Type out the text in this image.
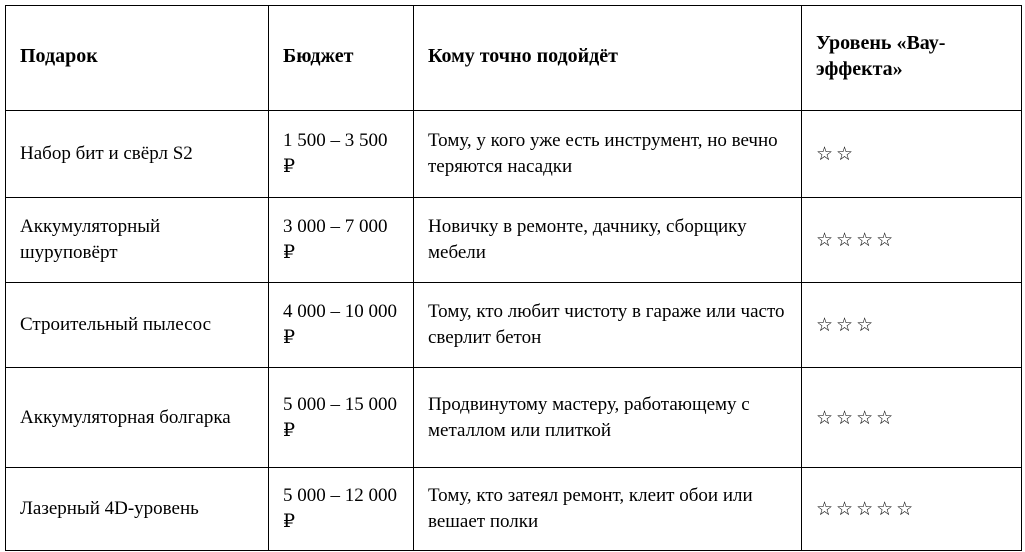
Подарок	Бюджет	Кому точно подойдёт	Уровень «Вау-эффекта»
Набор бит и свёрл S2	1 500 – 3 500 ₽	Тому, у кого уже есть инструмент, но вечно теряются насадки	☆☆
Аккумуляторный шуруповёрт	3 000 – 7 000 ₽	Новичку в ремонте, дачнику, сборщику мебели	☆☆☆☆
Строительный пылесос	4 000 – 10 000 ₽	Тому, кто любит чистоту в гараже или часто сверлит бетон	☆☆☆
Аккумуляторная болгарка	5 000 – 15 000 ₽	Продвинутому мастеру, работающему с металлом или плиткой	☆☆☆☆
Лазерный 4D-уровень	5 000 – 12 000 ₽	Тому, кто затеял ремонт, клеит обои или вешает полки	☆☆☆☆☆
